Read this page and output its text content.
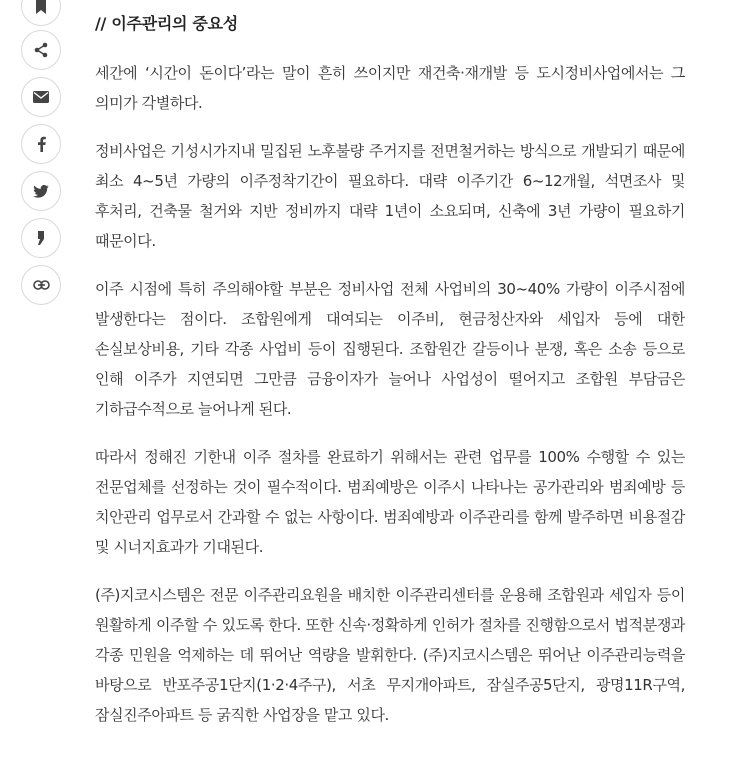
// 이주관리의 중요성

세간에 ‘시간이 돈이다’라는 말이 흔히 쓰이지만 재건축·재개발 등 도시정비사업에서는 그 의미가 각별하다.

정비사업은 기성시가지내 밀집된 노후불량 주거지를 전면철거하는 방식으로 개발되기 때문에 최소 4~5년 가량의 이주정착기간이 필요하다. 대략 이주기간 6~12개월, 석면조사 및 후처리, 건축물 철거와 지반 정비까지 대략 1년이 소요되며, 신축에 3년 가량이 필요하기 때문이다.

이주 시점에 특히 주의해야할 부분은 정비사업 전체 사업비의 30~40% 가량이 이주시점에 발생한다는 점이다. 조합원에게 대여되는 이주비, 현금청산자와 세입자 등에 대한 손실보상비용, 기타 각종 사업비 등이 집행된다. 조합원간 갈등이나 분쟁, 혹은 소송 등으로 인해 이주가 지연되면 그만큼 금융이자가 늘어나 사업성이 떨어지고 조합원 부담금은 기하급수적으로 늘어나게 된다.

따라서 정해진 기한내 이주 절차를 완료하기 위해서는 관련 업무를 100% 수행할 수 있는 전문업체를 선정하는 것이 필수적이다. 범죄예방은 이주시 나타나는 공가관리와 범죄예방 등 치안관리 업무로서 간과할 수 없는 사항이다. 범죄예방과 이주관리를 함께 발주하면 비용절감 및 시너지효과가 기대된다.

(주)지코시스템은 전문 이주관리요원을 배치한 이주관리센터를 운용해 조합원과 세입자 등이 원활하게 이주할 수 있도록 한다. 또한 신속·정확하게 인허가 절차를 진행함으로서 법적분쟁과 각종 민원을 억제하는 데 뛰어난 역량을 발휘한다. (주)지코시스템은 뛰어난 이주관리능력을 바탕으로 반포주공1단지(1·2·4주구), 서초 무지개아파트, 잠실주공5단지, 광명11R구역, 잠실진주아파트 등 굵직한 사업장을 맡고 있다.
